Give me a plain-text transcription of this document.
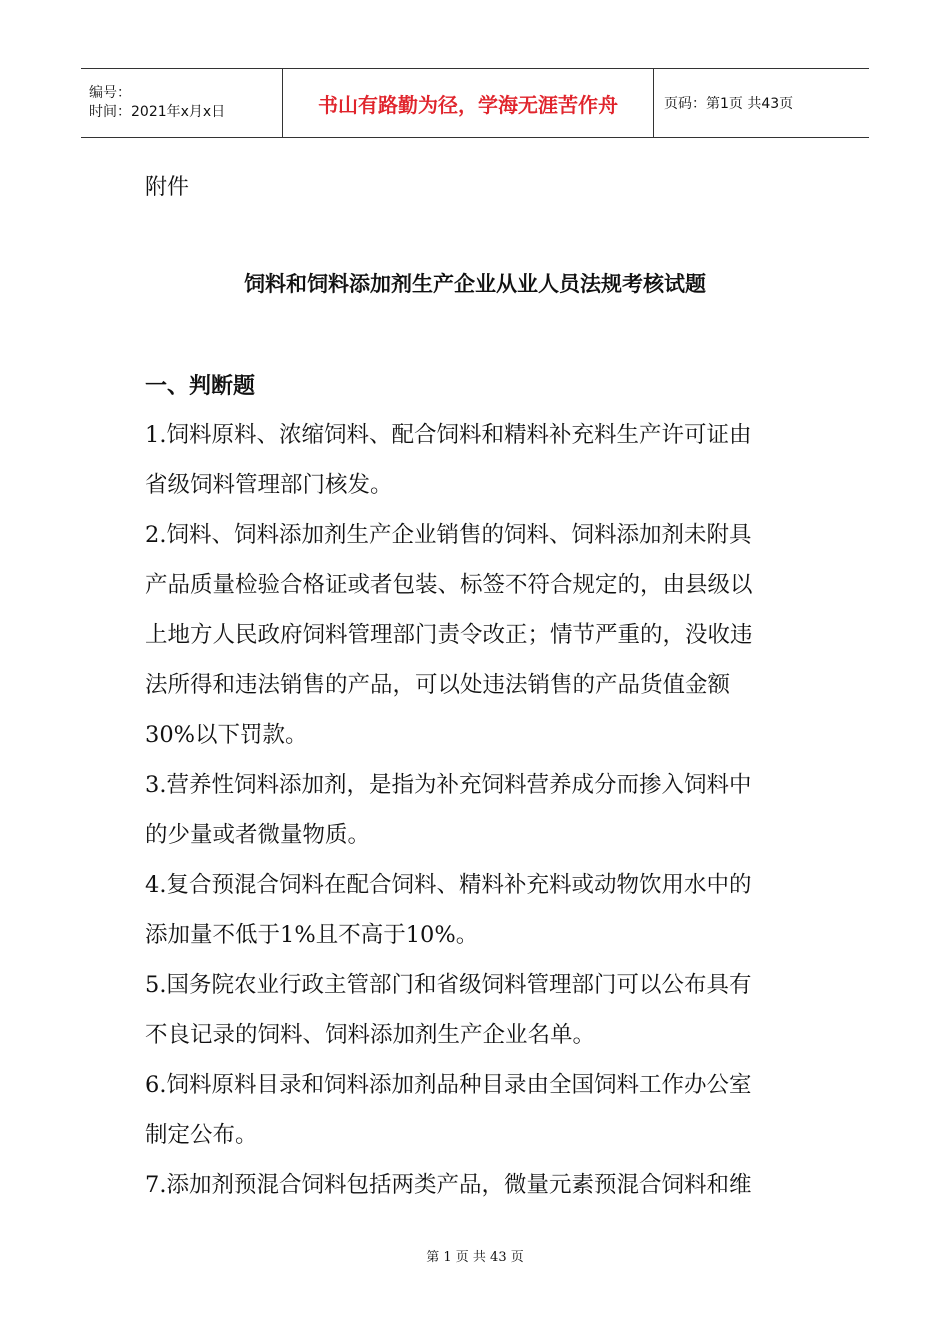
编号：
时间：2021年x月x日	书山有路勤为径，学海无涯苦作舟	页码：第1页 共43页
附件
饲料和饲料添加剂生产企业从业人员法规考核试题
一、判断题
1.饲料原料、浓缩饲料、配合饲料和精料补充料生产许可证由
省级饲料管理部门核发。
2.饲料、饲料添加剂生产企业销售的饲料、饲料添加剂未附具
产品质量检验合格证或者包装、标签不符合规定的，由县级以
上地方人民政府饲料管理部门责令改正；情节严重的，没收违
法所得和违法销售的产品，可以处违法销售的产品货值金额
30%以下罚款。
3.营养性饲料添加剂，是指为补充饲料营养成分而掺入饲料中
的少量或者微量物质。
4.复合预混合饲料在配合饲料、精料补充料或动物饮用水中的
添加量不低于1%且不高于10%。
5.国务院农业行政主管部门和省级饲料管理部门可以公布具有
不良记录的饲料、饲料添加剂生产企业名单。
6.饲料原料目录和饲料添加剂品种目录由全国饲料工作办公室
制定公布。
7.添加剂预混合饲料包括两类产品，微量元素预混合饲料和维
第 1 页 共 43 页
